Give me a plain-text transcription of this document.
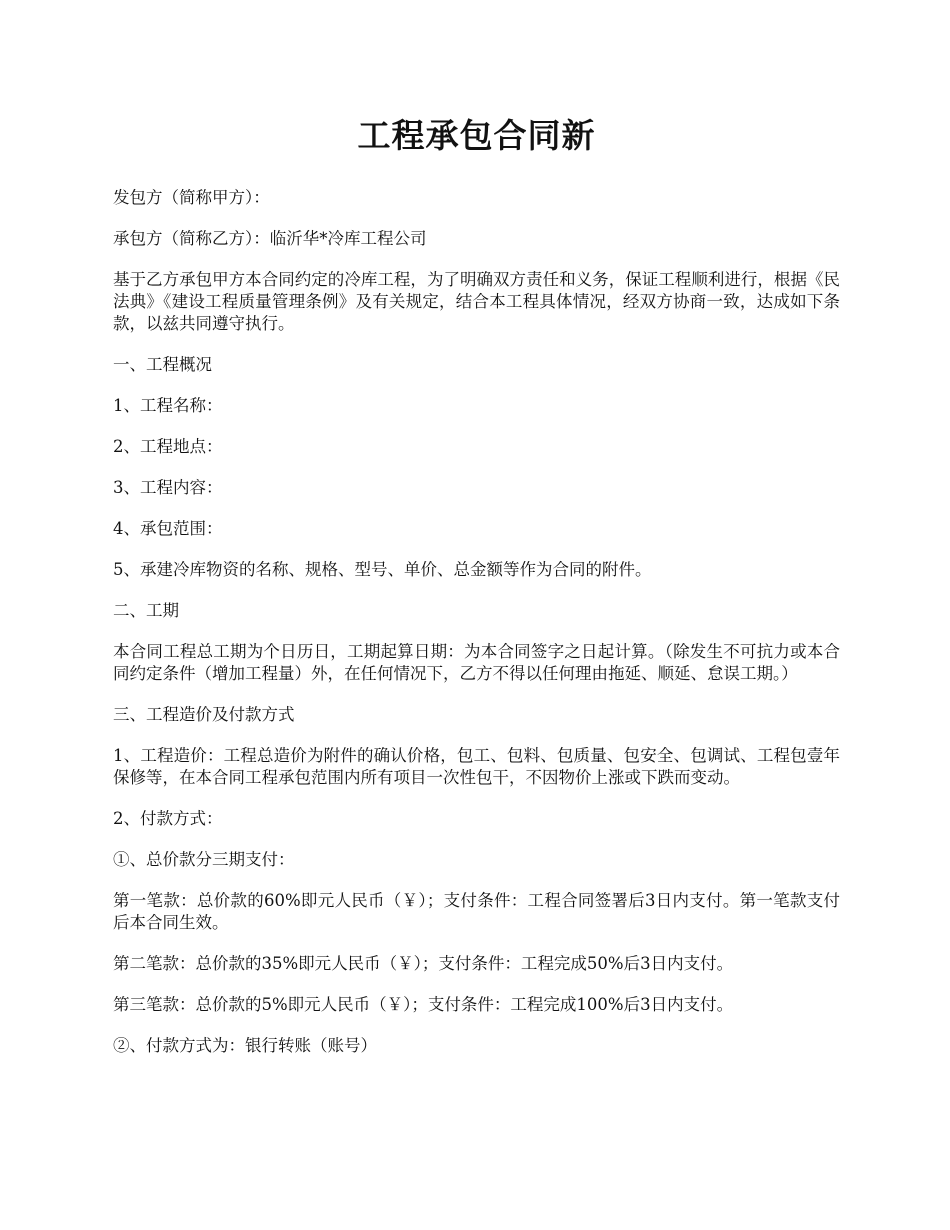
工程承包合同新

发包方（简称甲方）：

承包方（简称乙方）：临沂华*冷库工程公司

基于乙方承包甲方本合同约定的冷库工程，为了明确双方责任和义务，保证工程顺利进行，根据《民法典》《建设工程质量管理条例》及有关规定，结合本工程具体情况，经双方协商一致，达成如下条款，以兹共同遵守执行。

一、工程概况

1、工程名称：

2、工程地点：

3、工程内容：

4、承包范围：

5、承建冷库物资的名称、规格、型号、单价、总金额等作为合同的附件。

二、工期

本合同工程总工期为个日历日，工期起算日期：为本合同签字之日起计算。（除发生不可抗力或本合同约定条件（增加工程量）外，在任何情况下，乙方不得以任何理由拖延、顺延、怠误工期。）

三、工程造价及付款方式

1、工程造价：工程总造价为附件的确认价格，包工、包料、包质量、包安全、包调试、工程包壹年保修等，在本合同工程承包范围内所有项目一次性包干，不因物价上涨或下跌而变动。

2、付款方式：

①、总价款分三期支付：

第一笔款：总价款的60%即元人民币（￥）；支付条件：工程合同签署后3日内支付。第一笔款支付后本合同生效。

第二笔款：总价款的35%即元人民币（￥）；支付条件：工程完成50%后3日内支付。

第三笔款：总价款的5%即元人民币（￥）；支付条件：工程完成100%后3日内支付。

②、付款方式为：银行转账（账号）
